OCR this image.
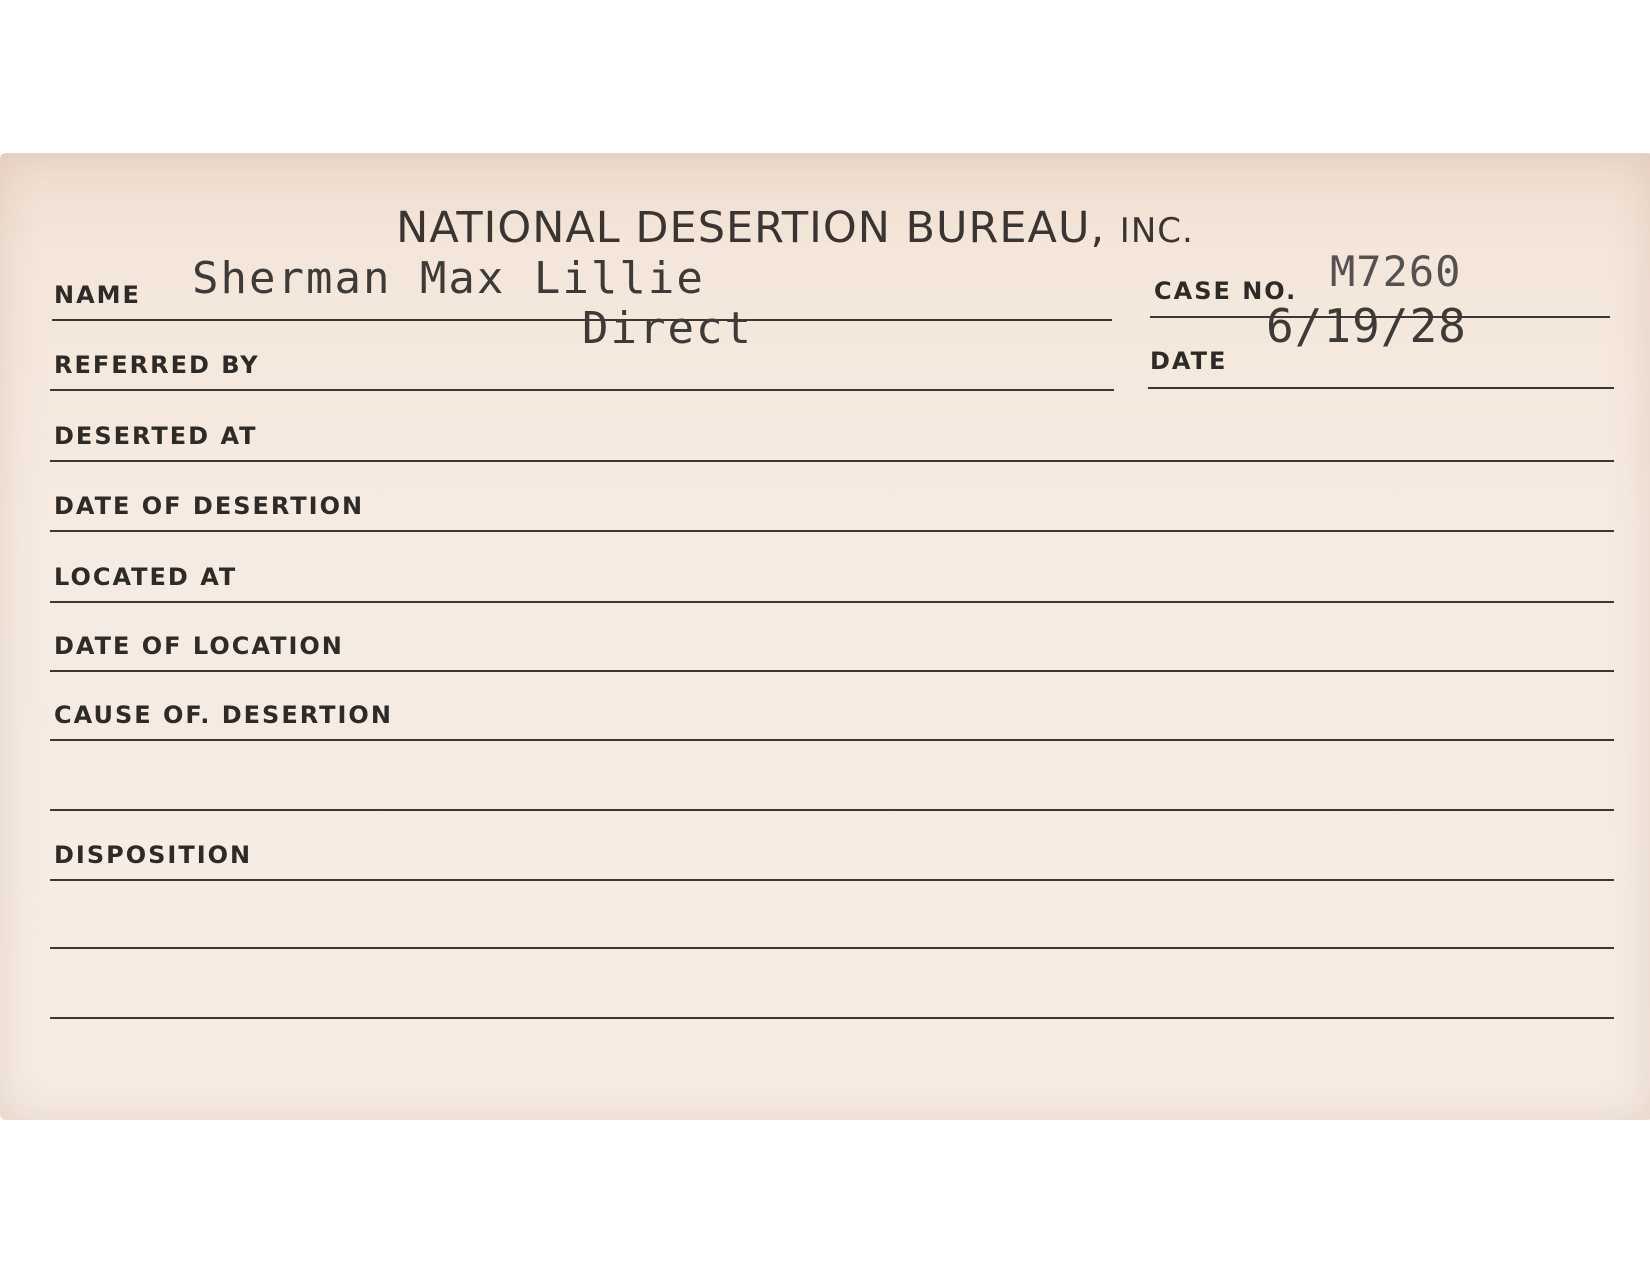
NATIONAL DESERTION BUREAU, INC.
NAME Sherman Max Lillie	CASE NO. M7260
Direct
REFERRED BY
6/19/28
DATE
DESERTED AT
DATE OF DESERTION
LOCATED AT
DATE OF LOCATION
CAUSE OF. DESERTION
DISPOSITION
